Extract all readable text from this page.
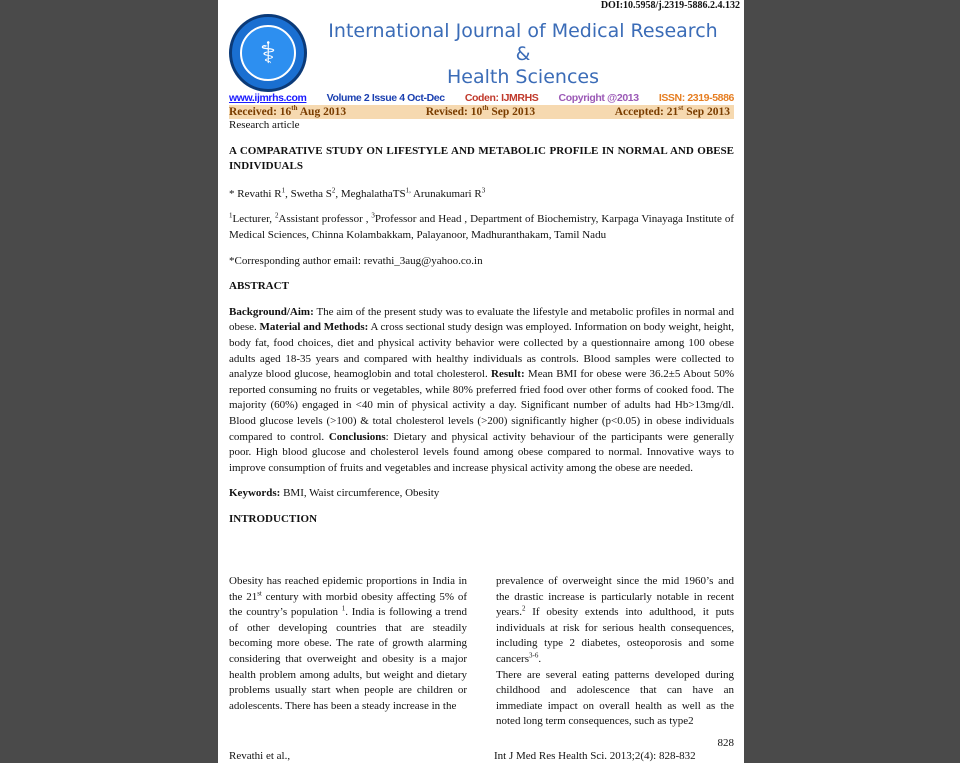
DOI:10.5958/j.2319-5886.2.4.132
⚕
International Journal of Medical Research
&
Health Sciences
www.ijmrhs.com Volume 2 Issue 4 Oct-Dec Coden: IJMRHS Copyright @2013 ISSN: 2319-5886
Received: 16th Aug 2013	Revised: 10th Sep 2013	Accepted: 21st Sep 2013

Research article

A COMPARATIVE STUDY ON LIFESTYLE AND METABOLIC PROFILE IN NORMAL AND OBESE INDIVIDUALS

* Revathi $R^1$, Swetha $S^2$, MeghalathaTS$^{1,}$ Arunakumari $R^3$

$^1$Lecturer, $^2$Assistant professor , $^3$Professor and Head , Department of Biochemistry, Karpaga Vinayaga Institute of Medical Sciences, Chinna Kolambakkam, Palayanoor, Madhuranthakam, Tamil Nadu

*Corresponding author email: revathi_3aug@yahoo.co.in

ABSTRACT

Background/Aim: The aim of the present study was to evaluate the lifestyle and metabolic profiles in normal and obese. Material and Methods: A cross sectional study design was employed. Information on body weight, height, body fat, food choices, diet and physical activity behavior were collected by a questionnaire among 100 obese adults aged 18-35 years and compared with healthy individuals as controls. Blood samples were collected to analyze blood glucose, heamoglobin and total cholesterol. Result: Mean BMI for obese were 36.2±5 About 50% reported consuming no fruits or vegetables, while 80% preferred fried food over other forms of cooked food. The majority (60%) engaged in <40 min of physical activity a day. Significant number of adults had Hb>13mg/dl. Blood glucose levels (>100) & total cholesterol levels (>200) significantly higher (p<0.05) in obese individuals compared to control. Conclusions: Dietary and physical activity behaviour of the participants were generally poor. High blood glucose and cholesterol levels found among obese compared to normal. Innovative ways to improve consumption of fruits and vegetables and increase physical activity among the obese are needed.

Keywords: BMI, Waist circumference, Obesity

INTRODUCTION

Obesity has reached epidemic proportions in India in the 21st century with morbid obesity affecting 5% of the country’s population $^1$. India is following a trend of other developing countries that are steadily becoming more obese. The rate of growth alarming considering that overweight and obesity is a major health problem among adults, but weight and dietary problems usually start when people are children or adolescents. There has been a steady increase in the

prevalence of overweight since the mid 1960’s and the drastic increase is particularly notable in recent years.$^2$ If obesity extends into adulthood, it puts individuals at risk for serious health consequences, including type 2 diabetes, osteoporosis and some cancers$^{3-6}$.

There are several eating patterns developed during childhood and adolescence that can have an immediate impact on overall health as well as the noted long term consequences, such as type2

828
Revathi et al.,	Int J Med Res Health Sci. 2013;2(4): 828-832
